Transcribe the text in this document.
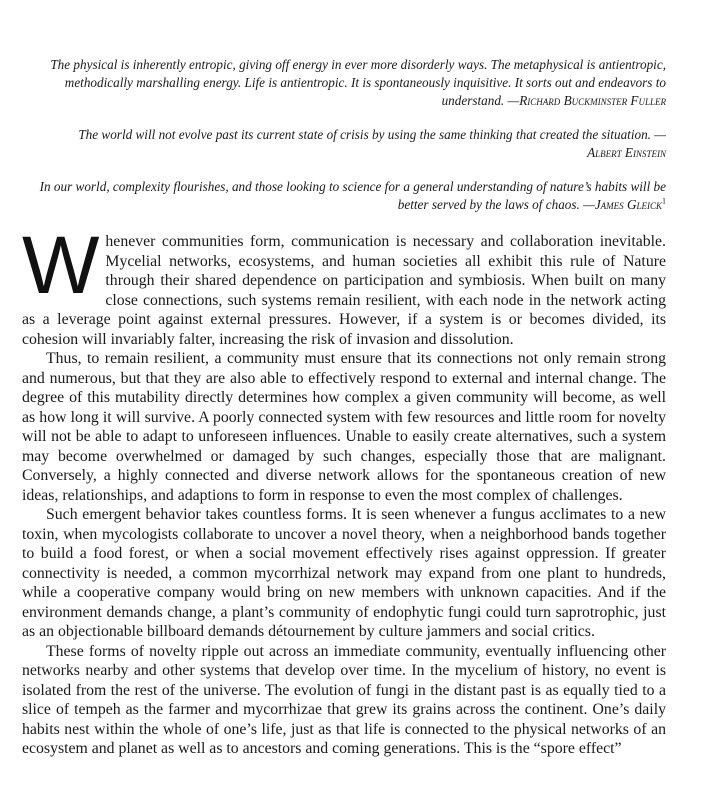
The physical is inherently entropic, giving off energy in ever more disorderly ways. The metaphysical is antientropic, methodically marshalling energy. Life is antientropic. It is spontaneously inquisitive. It sorts out and endeavors to understand. —Richard Buckminster Fuller

The world will not evolve past its current state of crisis by using the same thinking that created the situation. —Albert Einstein

In our world, complexity flourishes, and those looking to science for a general understanding of nature’s habits will be better served by the laws of chaos. —James Gleick$^1$

Whenever communities form, communication is necessary and collaboration inevitable. Mycelial networks, ecosystems, and human societies all exhibit this rule of Nature through their shared dependence on participation and symbiosis. When built on many close connections, such systems remain resilient, with each node in the network acting as a leverage point against external pressures. However, if a system is or becomes divided, its cohesion will invariably falter, increasing the risk of invasion and dissolution.

Thus, to remain resilient, a community must ensure that its connections not only remain strong and numerous, but that they are also able to effectively respond to external and internal change. The degree of this mutability directly determines how complex a given community will become, as well as how long it will survive. A poorly connected system with few resources and little room for novelty will not be able to adapt to unforeseen influences. Unable to easily create alternatives, such a system may become overwhelmed or damaged by such changes, especially those that are malignant. Conversely, a highly connected and diverse network allows for the spontaneous creation of new ideas, relationships, and adaptions to form in response to even the most complex of challenges.

Such emergent behavior takes countless forms. It is seen whenever a fungus acclimates to a new toxin, when mycologists collaborate to uncover a novel theory, when a neighborhood bands together to build a food forest, or when a social movement effectively rises against oppression. If greater connectivity is needed, a common mycorrhizal network may expand from one plant to hundreds, while a cooperative company would bring on new members with unknown capacities. And if the environment demands change, a plant’s community of endophytic fungi could turn saprotrophic, just as an objectionable billboard demands détournement by culture jammers and social critics.

These forms of novelty ripple out across an immediate community, eventually influencing other networks nearby and other systems that develop over time. In the mycelium of history, no event is isolated from the rest of the universe. The evolution of fungi in the distant past is as equally tied to a slice of tempeh as the farmer and mycorrhizae that grew its grains across the continent. One’s daily habits nest within the whole of one’s life, just as that life is connected to the physical networks of an ecosystem and planet as well as to ancestors and coming generations. This is the “spore effect”
